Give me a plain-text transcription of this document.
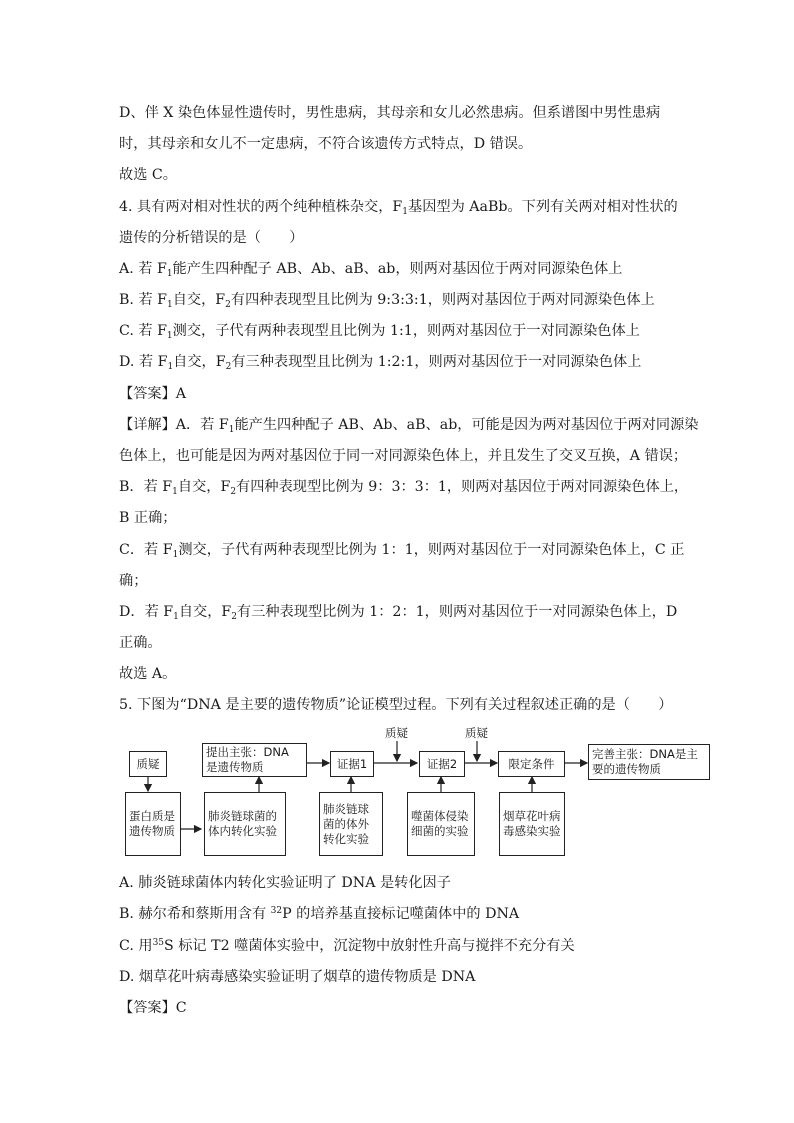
D、伴 X 染色体显性遗传时，男性患病，其母亲和女儿必然患病。但系谱图中男性患病
时，其母亲和女儿不一定患病，不符合该遗传方式特点，D 错误。
故选 C。
4. 具有两对相对性状的两个纯种植株杂交，$F_1$基因型为 AaBb。下列有关两对相对性状的
遗传的分析错误的是（　　）
A. 若 $F_1$能产生四种配子 AB、Ab、aB、ab，则两对基因位于两对同源染色体上
B. 若 $F_1$自交，$F_2$有四种表现型且比例为 9:3:3:1，则两对基因位于两对同源染色体上
C. 若 $F_1$测交，子代有两种表现型且比例为 1:1，则两对基因位于一对同源染色体上
D. 若 $F_1$自交，$F_2$有三种表现型且比例为 1:2:1，则两对基因位于一对同源染色体上
【答案】A
【详解】A．若 $F_1$能产生四种配子 AB、Ab、aB、ab，可能是因为两对基因位于两对同源染
色体上，也可能是因为两对基因位于同一对同源染色体上，并且发生了交叉互换，A 错误；
B．若 $F_1$自交，$F_2$有四种表现型比例为 9：3：3：1，则两对基因位于两对同源染色体上，
B 正确；
C．若 $F_1$测交，子代有两种表现型比例为 1：1，则两对基因位于一对同源染色体上，C 正
确；
D．若 $F_1$自交，$F_2$有三种表现型比例为 1：2：1，则两对基因位于一对同源染色体上，D
正确。
故选 A。
5. 下图为“DNA 是主要的遗传物质”论证模型过程。下列有关过程叙述正确的是（　　）
质疑	质疑
质疑
提出主张：DNA 是遗传物质	证据1	证据2	限定条件
完善主张：DNA是主要的遗传物质
蛋白质是遗传物质
肺炎链球菌的体内转化实验
肺炎链球菌的体外转化实验
噬菌体侵染细菌的实验
烟草花叶病毒感染实验
A. 肺炎链球菌体内转化实验证明了 DNA 是转化因子
B. 赫尔希和蔡斯用含有 $^{32}$P 的培养基直接标记噬菌体中的 DNA
C. 用$^{35}$S 标记 T2 噬菌体实验中，沉淀物中放射性升高与搅拌不充分有关
D. 烟草花叶病毒感染实验证明了烟草的遗传物质是 DNA
【答案】C
